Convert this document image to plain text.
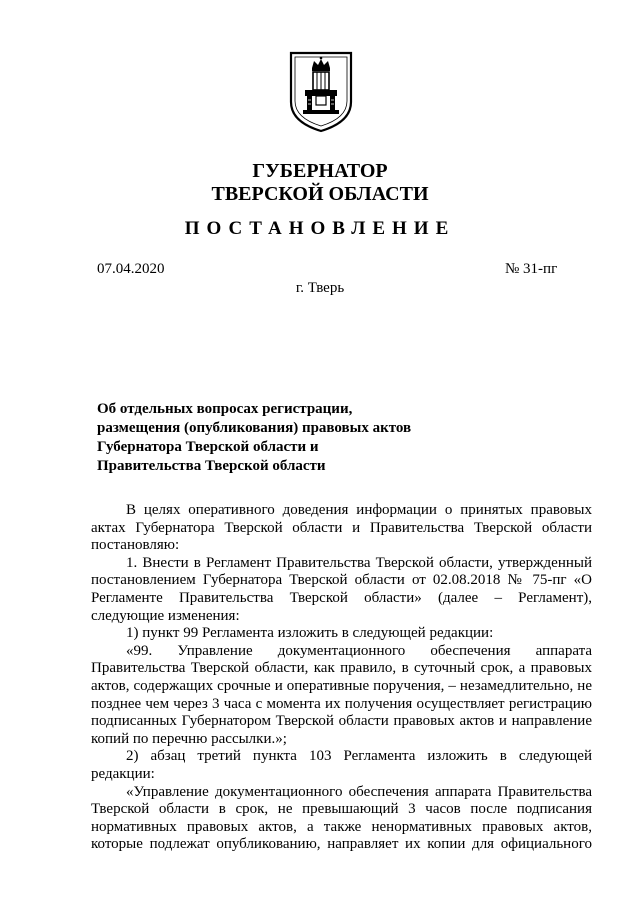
ГУБЕРНАТОР
ТВЕРСКОЙ ОБЛАСТИ
ПОСТАНОВЛЕНИЕ
07.04.2020	№ 31-пг
г. Тверь
Об отдельных вопросах регистрации,
размещения (опубликования) правовых актов
Губернатора Тверской области и
Правительства Тверской области

В целях оперативного доведения информации о принятых правовых актах Губернатора Тверской области и Правительства Тверской области постановляю:

1. Внести в Регламент Правительства Тверской области, утвержденный постановлением Губернатора Тверской области от 02.08.2018 № 75-пг «О Регламенте Правительства Тверской области» (далее – Регламент), следующие изменения:

1) пункт 99 Регламента изложить в следующей редакции:

«99. Управление документационного обеспечения аппарата Правительства Тверской области, как правило, в суточный срок, а правовых актов, содержащих срочные и оперативные поручения, – незамедлительно, не позднее чем через 3 часа с момента их получения осуществляет регистрацию подписанных Губернатором Тверской области правовых актов и направление копий по перечню рассылки.»;

2) абзац третий пункта 103 Регламента изложить в следующей редакции:

«Управление документационного обеспечения аппарата Правительства Тверской области в срок, не превышающий 3 часов после подписания нормативных правовых актов, а также ненормативных правовых актов, которые подлежат опубликованию, направляет их копии для официального
